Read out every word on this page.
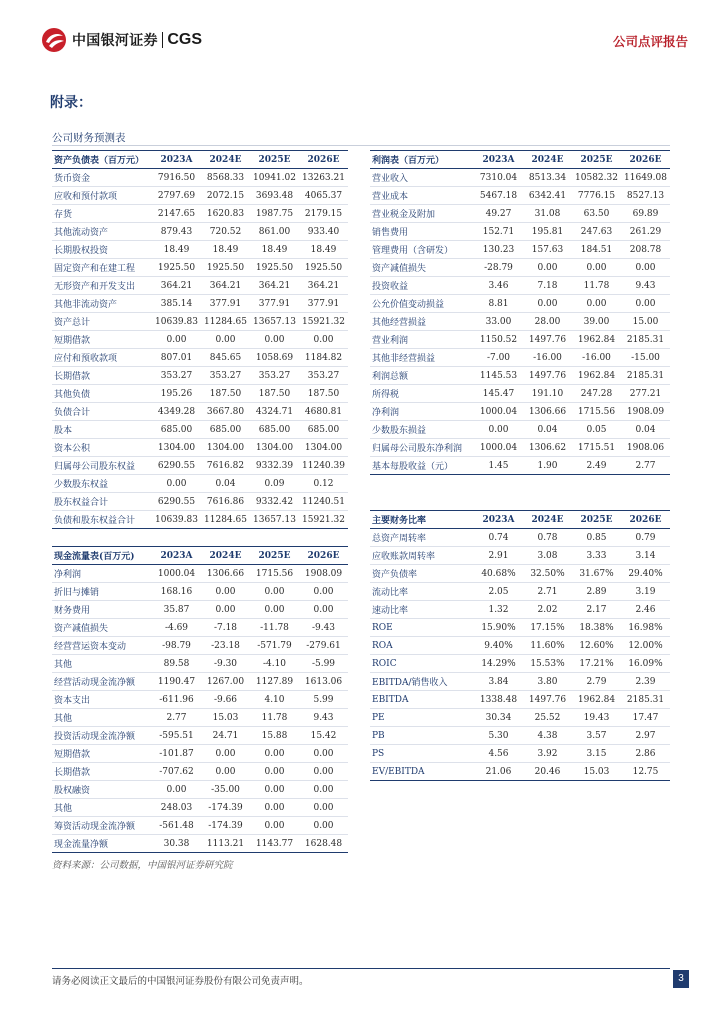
中国银河证券 CGS	公司点评报告
附录：
公司财务预测表
资产负债表（百万元）	2023A	2024E	2025E	2026E
货币资金	7916.50	8568.33	10941.02	13263.21
应收和预付款项	2797.69	2072.15	3693.48	4065.37
存货	2147.65	1620.83	1987.75	2179.15
其他流动资产	879.43	720.52	861.00	933.40
长期股权投资	18.49	18.49	18.49	18.49
固定资产和在建工程	1925.50	1925.50	1925.50	1925.50
无形资产和开发支出	364.21	364.21	364.21	364.21
其他非流动资产	385.14	377.91	377.91	377.91
资产总计	10639.83	11284.65	13657.13	15921.32
短期借款	0.00	0.00	0.00	0.00
应付和预收款项	807.01	845.65	1058.69	1184.82
长期借款	353.27	353.27	353.27	353.27
其他负债	195.26	187.50	187.50	187.50
负债合计	4349.28	3667.80	4324.71	4680.81
股本	685.00	685.00	685.00	685.00
资本公积	1304.00	1304.00	1304.00	1304.00
归属母公司股东权益	6290.55	7616.82	9332.39	11240.39
少数股东权益	0.00	0.04	0.09	0.12
股东权益合计	6290.55	7616.86	9332.42	11240.51
负债和股东权益合计	10639.83	11284.65	13657.13	15921.32
利润表（百万元）	2023A	2024E	2025E	2026E
营业收入	7310.04	8513.34	10582.32	11649.08
营业成本	5467.18	6342.41	7776.15	8527.13
营业税金及附加	49.27	31.08	63.50	69.89
销售费用	152.71	195.81	247.63	261.29
管理费用（含研发）	130.23	157.63	184.51	208.78
资产减值损失	-28.79	0.00	0.00	0.00
投资收益	3.46	7.18	11.78	9.43
公允价值变动损益	8.81	0.00	0.00	0.00
其他经营损益	33.00	28.00	39.00	15.00
营业利润	1150.52	1497.76	1962.84	2185.31
其他非经营损益	-7.00	-16.00	-16.00	-15.00
利润总额	1145.53	1497.76	1962.84	2185.31
所得税	145.47	191.10	247.28	277.21
净利润	1000.04	1306.66	1715.56	1908.09
少数股东损益	0.00	0.04	0.05	0.04
归属母公司股东净利润	1000.04	1306.62	1715.51	1908.06
基本每股收益（元）	1.45	1.90	2.49	2.77
现金流量表(百万元)	2023A	2024E	2025E	2026E
净利润	1000.04	1306.66	1715.56	1908.09
折旧与摊销	168.16	0.00	0.00	0.00
财务费用	35.87	0.00	0.00	0.00
资产减值损失	-4.69	-7.18	-11.78	-9.43
经营营运资本变动	-98.79	-23.18	-571.79	-279.61
其他	89.58	-9.30	-4.10	-5.99
经营活动现金流净额	1190.47	1267.00	1127.89	1613.06
资本支出	-611.96	-9.66	4.10	5.99
其他	2.77	15.03	11.78	9.43
投资活动现金流净额	-595.51	24.71	15.88	15.42
短期借款	-101.87	0.00	0.00	0.00
长期借款	-707.62	0.00	0.00	0.00
股权融资	0.00	-35.00	0.00	0.00
其他	248.03	-174.39	0.00	0.00
筹资活动现金流净额	-561.48	-174.39	0.00	0.00
现金流量净额	30.38	1113.21	1143.77	1628.48
主要财务比率	2023A	2024E	2025E	2026E
总资产周转率	0.74	0.78	0.85	0.79
应收账款周转率	2.91	3.08	3.33	3.14
资产负债率	40.68%	32.50%	31.67%	29.40%
流动比率	2.05	2.71	2.89	3.19
速动比率	1.32	2.02	2.17	2.46
ROE	15.90%	17.15%	18.38%	16.98%
ROA	9.40%	11.60%	12.60%	12.00%
ROIC	14.29%	15.53%	17.21%	16.09%
EBITDA/销售收入	3.84	3.80	2.79	2.39
EBITDA	1338.48	1497.76	1962.84	2185.31
PE	30.34	25.52	19.43	17.47
PB	5.30	4.38	3.57	2.97
PS	4.56	3.92	3.15	2.86
EV/EBITDA	21.06	20.46	15.03	12.75
资料来源：公司数据，中国银河证券研究院
请务必阅读正文最后的中国银河证券股份有限公司免责声明。	3
